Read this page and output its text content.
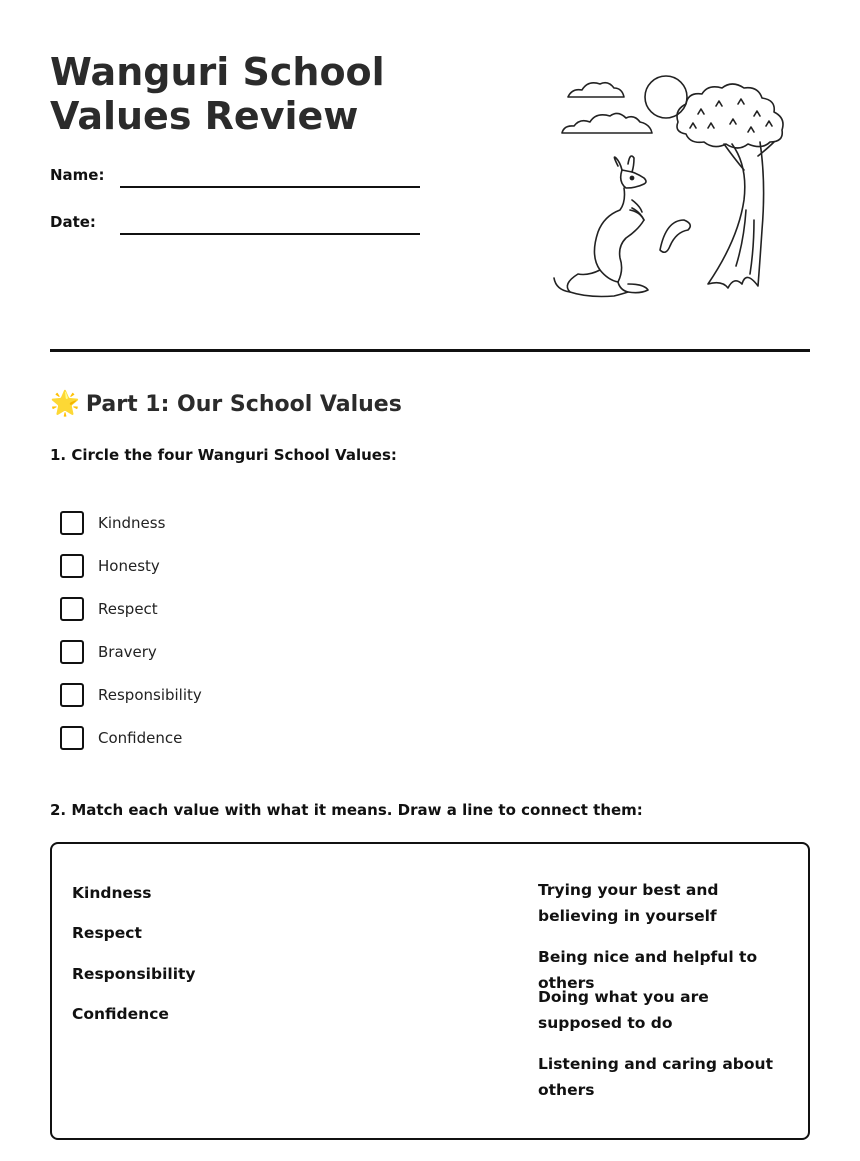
Wanguri School Values Review
Name:
Date:
🌟 Part 1: Our School Values
1. Circle the four Wanguri School Values:
Kindness
Honesty
Respect
Bravery
Responsibility
Confidence
2. Match each value with what it means. Draw a line to connect them:
Kindness
Respect
Responsibility
Confidence
Trying your best and believing in yourself
Being nice and helpful to others
Doing what you are supposed to do
Listening and caring about others
